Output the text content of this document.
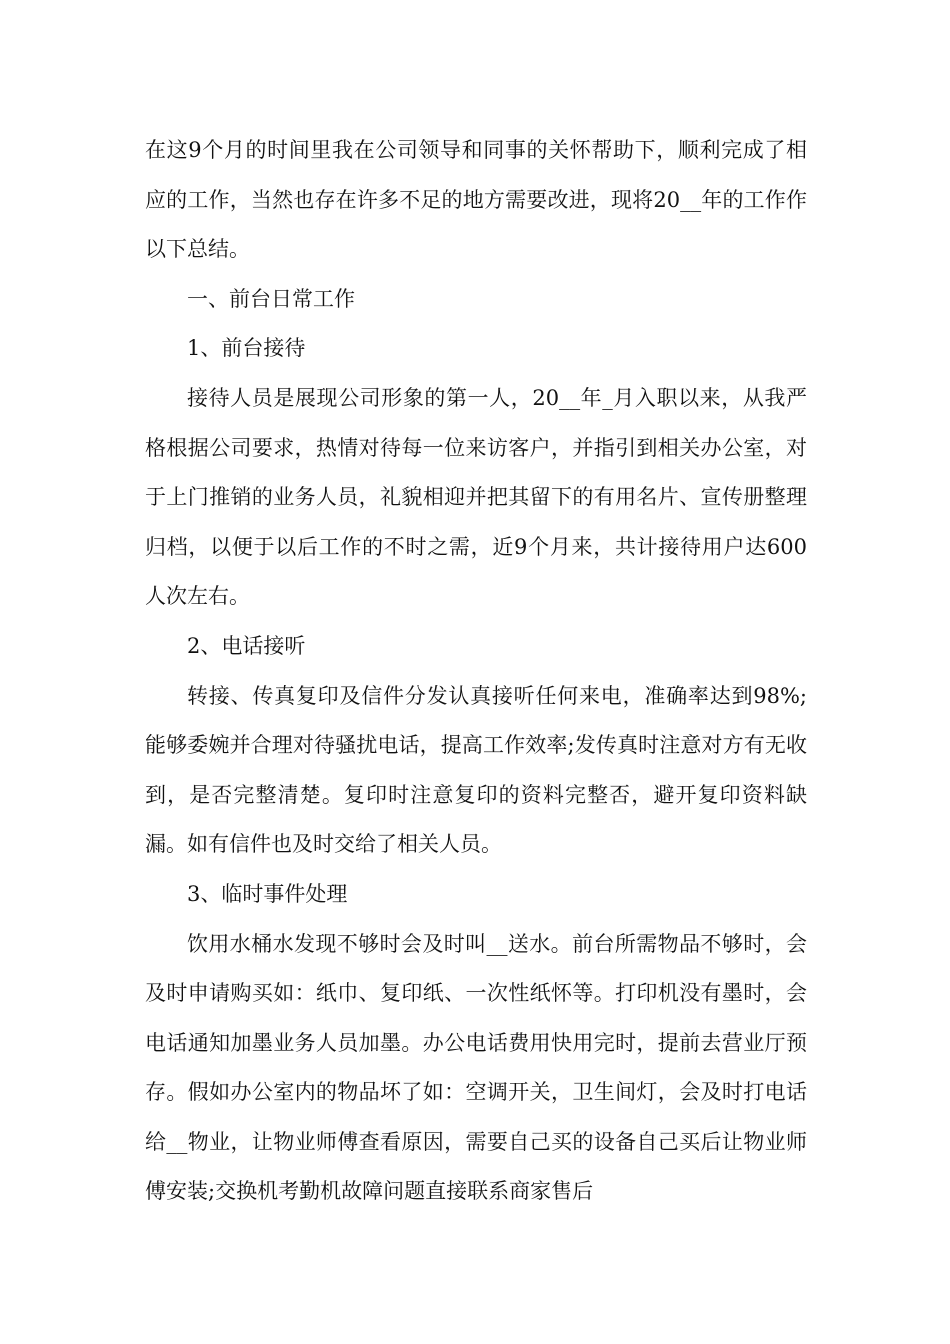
在这9个月的时间里我在公司领导和同事的关怀帮助下，顺利完成了相应的工作，当然也存在许多不足的地方需要改进，现将20__年的工作作以下总结。

一、前台日常工作

1、前台接待

接待人员是展现公司形象的第一人，20__年_月入职以来，从我严格根据公司要求，热情对待每一位来访客户，并指引到相关办公室，对于上门推销的业务人员，礼貌相迎并把其留下的有用名片、宣传册整理归档，以便于以后工作的不时之需，近9个月来，共计接待用户达600人次左右。

2、电话接听

转接、传真复印及信件分发认真接听任何来电，准确率达到98%;能够委婉并合理对待骚扰电话，提高工作效率;发传真时注意对方有无收到，是否完整清楚。复印时注意复印的资料完整否，避开复印资料缺漏。如有信件也及时交给了相关人员。

3、临时事件处理

饮用水桶水发现不够时会及时叫__送水。前台所需物品不够时，会及时申请购买如：纸巾、复印纸、一次性纸怀等。打印机没有墨时，会电话通知加墨业务人员加墨。办公电话费用快用完时，提前去营业厅预存。假如办公室内的物品坏了如：空调开关，卫生间灯，会及时打电话给__物业，让物业师傅查看原因，需要自己买的设备自己买后让物业师傅安装;交换机考勤机故障问题直接联系商家售后
